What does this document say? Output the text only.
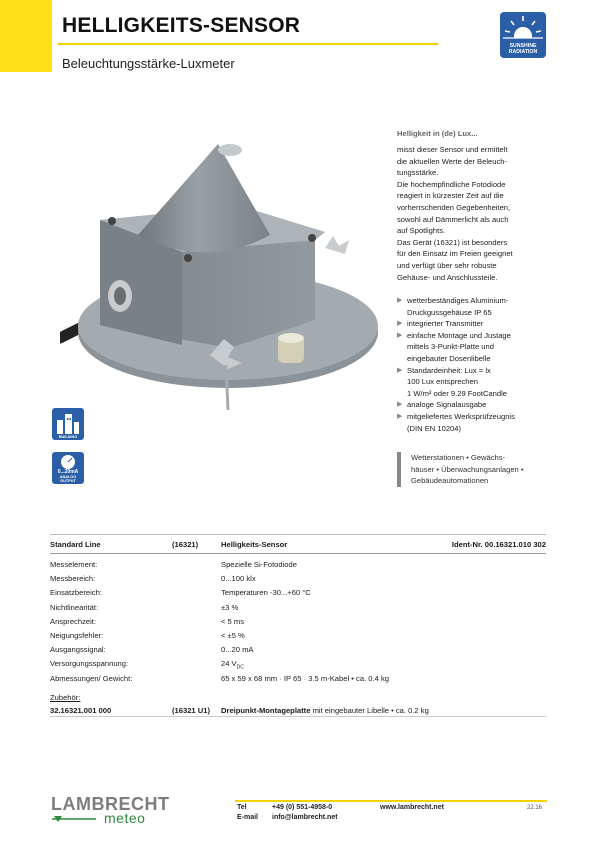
HELLIGKEITS-SENSOR
Beleuchtungsstärke-Luxmeter
SUNSHINE
RADIATION
BUILDING
0...20mA
ANALOG
OUTPUT
Helligkeit in (de) Lux...
misst dieser Sensor und ermittelt
die aktuellen Werte der Beleuch-
tungsstärke.
Die hochempfindliche Fotodiode
reagiert in kürzester Zeit auf die
vorherrschenden Gegebenheiten,
sowohl auf Dämmerlicht als auch
auf Spotlights.
Das Gerät (16321) ist besonders
für den Einsatz im Freien geeignet
und verfügt über sehr robuste
Gehäuse- und Anschlussteile.
▶ wetterbeständiges Aluminium-
Druckgussgehäuse IP 65
▶ integrierter Transmitter
▶ einfache Montage und Justage
mittels 3-Punkt-Platte und
eingebauter Dosenlibelle
▶ Standardeinheit: Lux = lx
100 Lux entsprechen
1 W/m² oder 9.29 FootCandle
▶ analoge Signalausgabe
▶ mitgeliefertes Werksprüfzeugnis
(DIN EN 10204)
Wetterstationen • Gewächs-
häuser • Überwachungsanlagen •
Gebäudeautomationen
Standard Line	(16321)	Helligkeits-Sensor	Ident-Nr. 00.16321.010 302
Messelement:	Spezielle Si-Fotodiode
Messbereich:	0...100 klx
Einsatzbereich:	Temperaturen -30...+60 °C
Nichtlinearität:	±3 %
Ansprechzeit:	< 5 ms
Neigungsfehler:	< ±5 %
Ausgangssignal:	0...20 mA
Versorgungsspannung:	24 $V_{DC}$
Abmessungen/ Gewicht:	65 x 59 x 68 mm · IP 65 · 3.5 m-Kabel • ca. 0.4 kg
Zubehör:
32.16321.001 000	(16321 U1) Dreipunkt-Montageplatte mit eingebauter Libelle • ca. 0.2 kg
LAMBRECHT
meteo
Tel	+49 (0) 551-4958-0
E-mail info@lambrecht.net
www.lambrecht.net	22.16
